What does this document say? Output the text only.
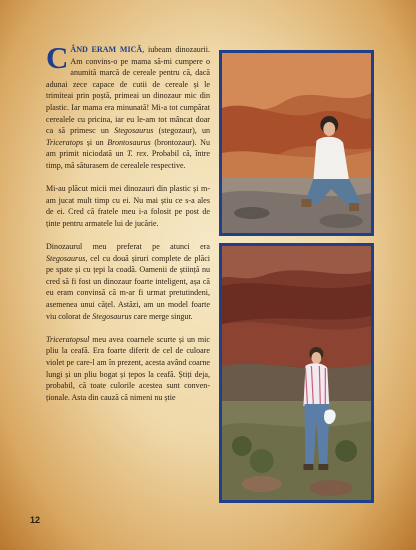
CÂND ERAM MICĂ, iubeam dinozaurii. Am convins-o pe mama să-mi cumpere o anumită marcă de cereale pentru că, dacă adunai zece capace de cutii de cereale și le trimiteai prin poștă, primeai un dinozaur mic din plastic. Iar mama era minunată! Mi-a tot cumpărat cerealele cu pricina, iar eu le-am tot mâncat doar ca să primesc un Stegosaurus (stegozaur), un Triceratops și un Brontosaurus (brontozaur). Nu am primit niciodată un T. rex. Probabil că, între timp, mă săturasem de cerealele respective.

Mi-au plăcut micii mei dinozauri din plastic și m-am jucat mult timp cu ei. Nu mai știu ce s-a ales de ei. Cred că fratele meu i-a folosit pe post de ținte pentru armatele lui de jucărie.

Dinozaurul meu preferat pe atunci era Stegosaurus, cel cu două șiruri complete de plăci pe spate și cu țepi la coadă. Oamenii de știință nu cred să fi fost un dinozaur foarte inteligent, așa că eu eram convinsă că m-ar fi urmat pretutindeni, asemenea unui cățel. Astăzi, am un model foarte viu colorat de Stegosaurus care merge singur.

Triceratopsul meu avea coarnele scurte și un mic pliu la ceafă. Era foarte diferit de cel de culoare violet pe care-l am în prezent, acesta având coarne lungi și un pliu bogat și țepos la ceafă. Știți deja, probabil, că toate culorile acestea sunt convenționale. Asta din cauză că nimeni nu știe

12
